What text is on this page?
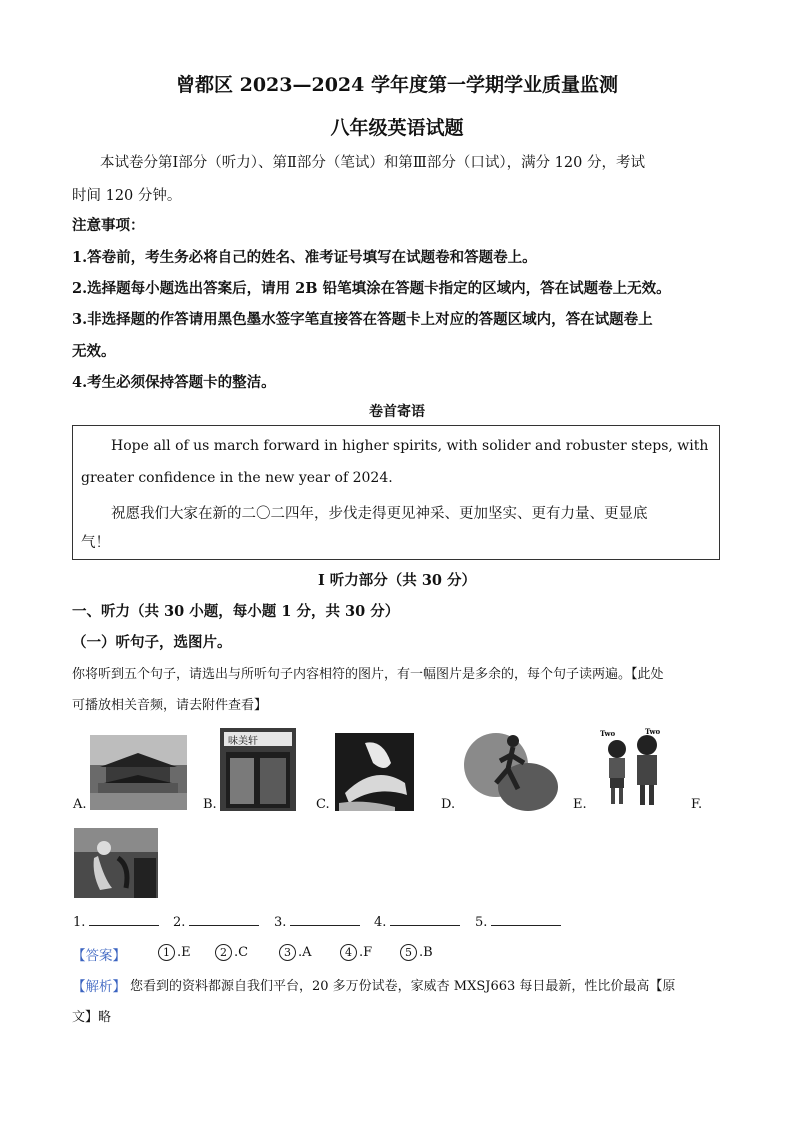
曾都区 2023—2024 学年度第一学期学业质量监测
八年级英语试题
本试卷分第Ⅰ部分（听力）、第Ⅱ部分（笔试）和第Ⅲ部分（口试），满分 120 分，考试
时间 120 分钟。
注意事项：
1.答卷前，考生务必将自己的姓名、准考证号填写在试题卷和答题卷上。
2.选择题每小题选出答案后，请用 2B 铅笔填涂在答题卡指定的区域内，答在试题卷上无效。
3.非选择题的作答请用黑色墨水签字笔直接答在答题卡上对应的答题区域内，答在试题卷上
无效。
4.考生必须保持答题卡的整洁。
卷首寄语
Hope all of us march forward in higher spirits, with solider and robuster steps, with
greater confidence in the new year of 2024.
祝愿我们大家在新的二〇二四年，步伐走得更见神采、更加坚实、更有力量、更显底
气！
Ⅰ 听力部分（共 30 分）
一、听力（共 30 小题，每小题 1 分，共 30 分）
（一）听句子，选图片。
你将听到五个句子，请选出与所听句子内容相符的图片，有一幅图片是多余的，每个句子读两遍。【此处
可播放相关音频，请去附件查看】
A.
味美轩
B.	C.	D.
Two	Two
E.	F.
1.	2.	3.	4.	5.
【答案】	1 .E	2 .C	3 .A	4 .F	5 .B
【解析】 您看到的资料都源自我们平台，20 多万份试卷，家威杏 MXSJ663 每日最新，性比价最高【原
文】略
